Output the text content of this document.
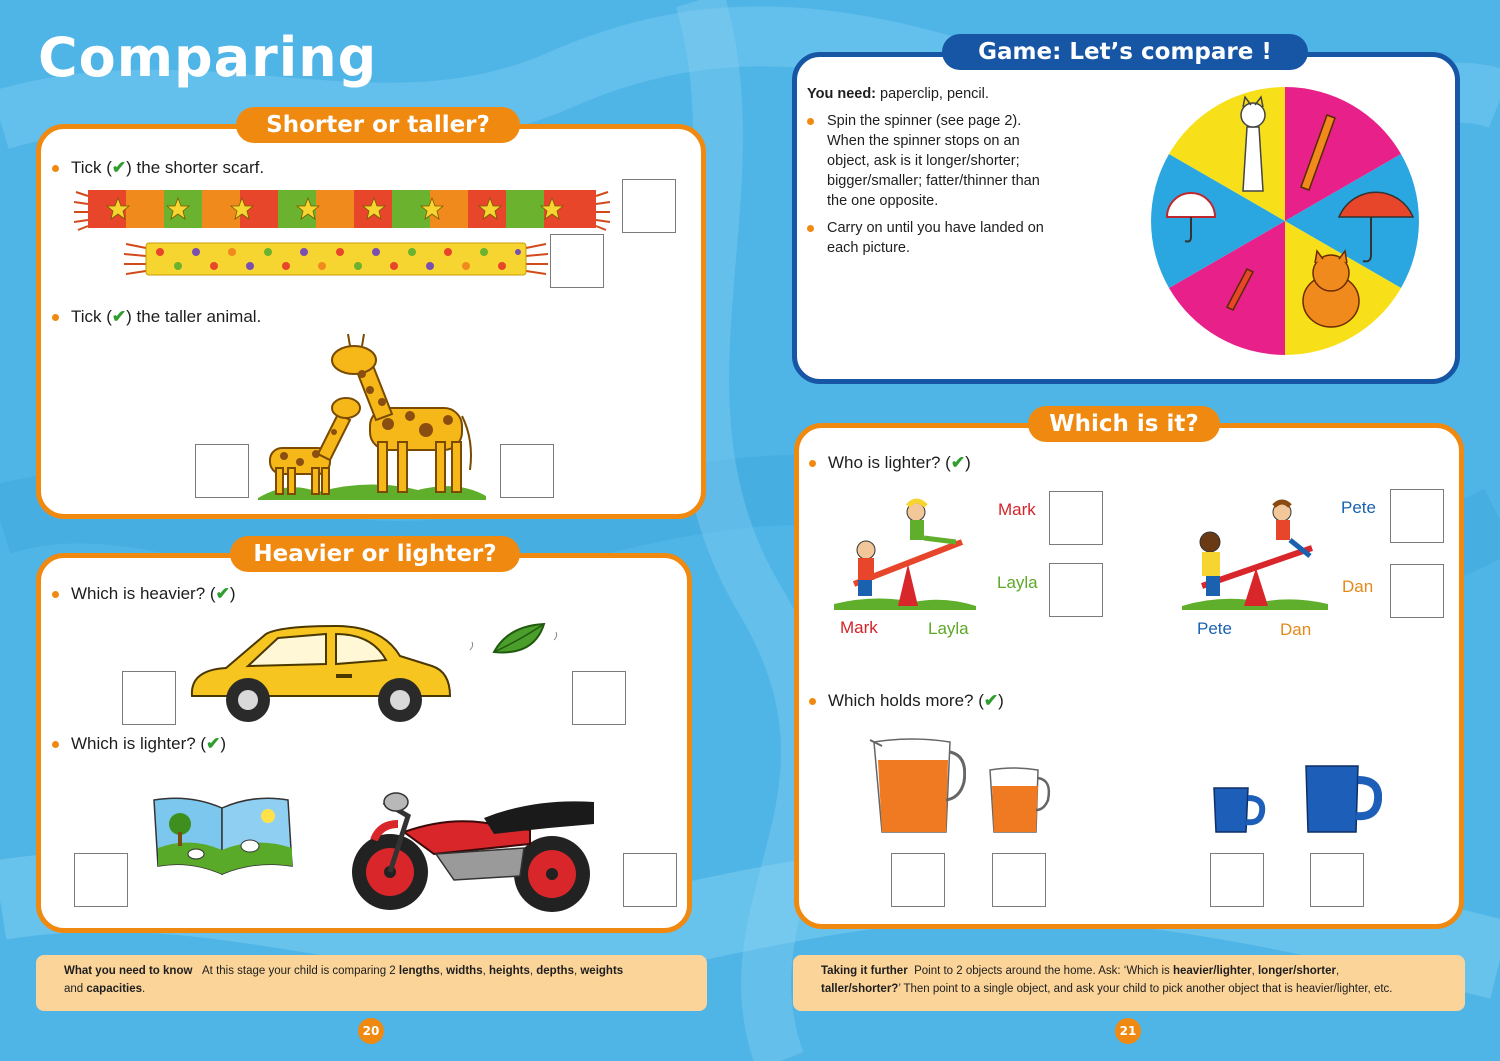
Comparing
Shorter or taller?
Tick ( ✔ ) the shorter scarf.
Tick ( ✔ ) the taller animal.
Heavier or lighter?
Which is heavier? ( ✔ )
Which is lighter? ( ✔ )
What you need to know At this stage your child is comparing 2 lengths, widths, heights, depths, weights
and capacities.
20
Game: Let’s compare !
You need: paperclip, pencil.
Spin the spinner (see page 2). When the spinner stops on an object, ask is it longer/shorter; bigger/smaller; fatter/thinner than the one opposite.
Carry on until you have landed on each picture.
Which is it?
Who is lighter? ( ✔ )
Mark	Layla
Mark
Layla
Pete	Dan
Pete
Dan
Which holds more? ( ✔ )
Taking it further Point to 2 objects around the home. Ask: ‘Which is heavier/lighter, longer/shorter,
taller/shorter?’ Then point to a single object, and ask your child to pick another object that is heavier/lighter, etc.
21
